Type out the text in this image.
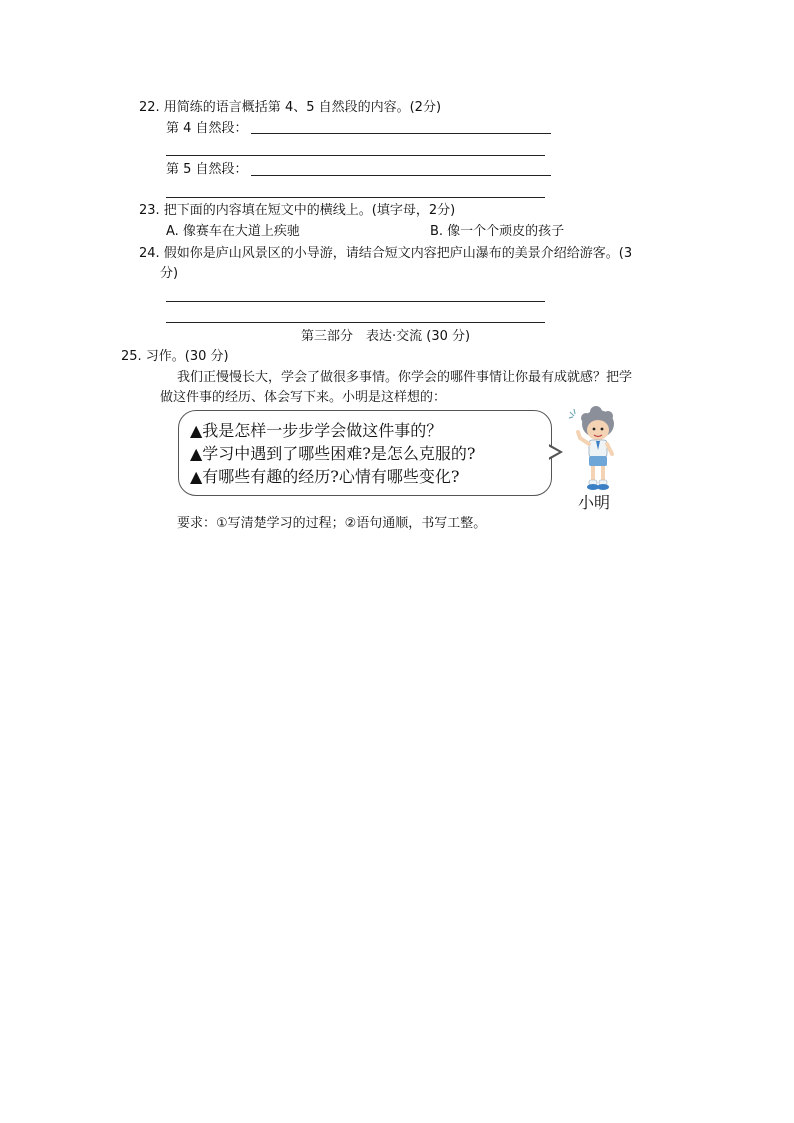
22. 用简练的语言概括第 4、5 自然段的内容。(2分)
第 4 自然段：
第 5 自然段：
23. 把下面的内容填在短文中的横线上。(填字母，2分)
A. 像赛车在大道上疾驰	B. 像一个个顽皮的孩子
24. 假如你是庐山风景区的小导游，请结合短文内容把庐山瀑布的美景介绍给游客。(3
分)
第三部分　表达·交流 (30 分)
25. 习作。(30 分)
我们正慢慢长大，学会了做很多事情。你学会的哪件事情让你最有成就感？把学
做这件事的经历、体会写下来。小明是这样想的：
▲我是怎样一步步学会做这件事的？
▲学习中遇到了哪些困难?是怎么克服的?
▲有哪些有趣的经历?心情有哪些变化?
小明
要求：①写清楚学习的过程；②语句通顺，书写工整。
